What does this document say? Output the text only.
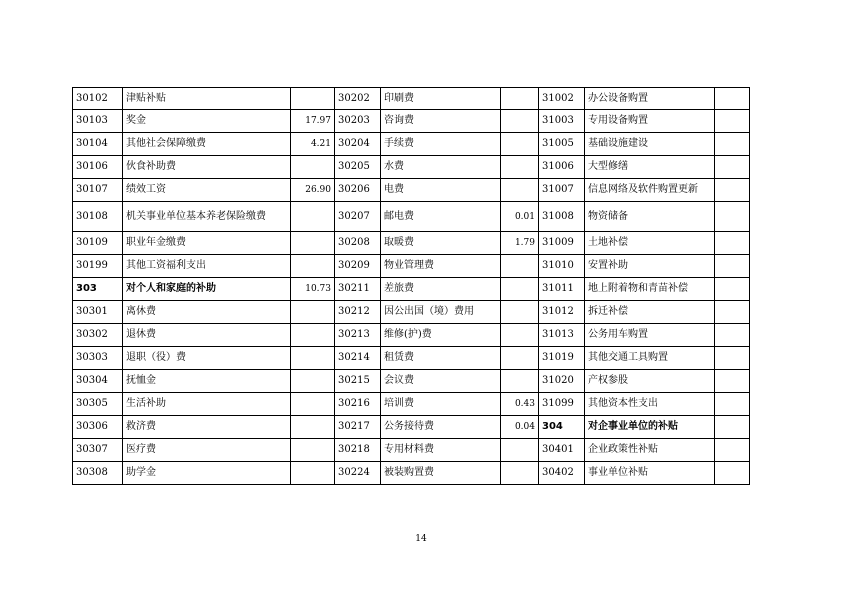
30102	津贴补贴		30202	印刷费		31002	办公设备购置	
30103	奖金	17.97	30203	咨询费		31003	专用设备购置	
30104	其他社会保障缴费	4.21	30204	手续费		31005	基础设施建设	
30106	伙食补助费		30205	水费		31006	大型修缮	
30107	绩效工资	26.90	30206	电费		31007	信息网络及软件购置更新	
30108	机关事业单位基本养老保险缴费		30207	邮电费	0.01	31008	物资储备	
30109	职业年金缴费		30208	取暖费	1.79	31009	土地补偿	
30199	其他工资福利支出		30209	物业管理费		31010	安置补助	
303	对个人和家庭的补助	10.73	30211	差旅费		31011	地上附着物和青苗补偿	
30301	离休费		30212	因公出国（境）费用		31012	拆迁补偿	
30302	退休费		30213	维修(护)费		31013	公务用车购置	
30303	退职（役）费		30214	租赁费		31019	其他交通工具购置	
30304	抚恤金		30215	会议费		31020	产权参股	
30305	生活补助		30216	培训费	0.43	31099	其他资本性支出	
30306	救济费		30217	公务接待费	0.04	304	对企事业单位的补贴	
30307	医疗费		30218	专用材料费		30401	企业政策性补贴	
30308	助学金		30224	被装购置费		30402	事业单位补贴	
14
